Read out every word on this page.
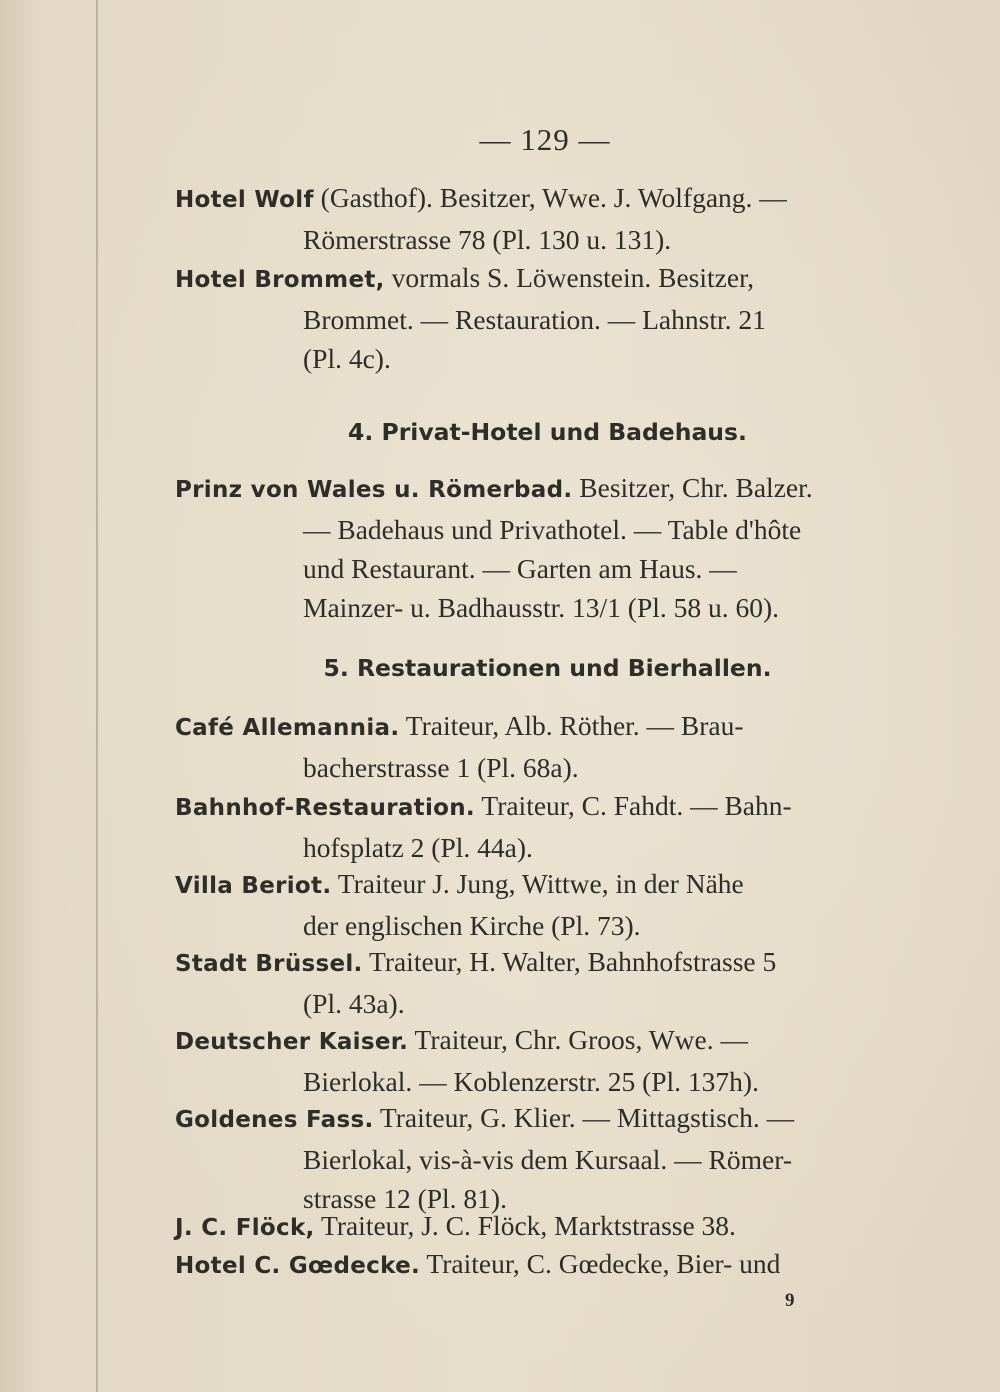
— 129 —
Hotel Wolf (Gasthof). Besitzer, Wwe. J. Wolfgang. —
Römerstrasse 78 (Pl. 130 u. 131).
Hotel Brommet, vormals S. Löwenstein. Besitzer,
Brommet. — Restauration. — Lahnstr. 21
(Pl. 4c).
4. Privat-Hotel und Badehaus.
Prinz von Wales u. Römerbad. Besitzer, Chr. Balzer.
— Badehaus und Privathotel. — Table d'hôte
und Restaurant. — Garten am Haus. —
Mainzer- u. Badhausstr. 13/1 (Pl. 58 u. 60).
5. Restaurationen und Bierhallen.
Café Allemannia. Traiteur, Alb. Röther. — Brau-
bacherstrasse 1 (Pl. 68a).
Bahnhof-Restauration. Traiteur, C. Fahdt. — Bahn-
hofsplatz 2 (Pl. 44a).
Villa Beriot. Traiteur J. Jung, Wittwe, in der Nähe
der englischen Kirche (Pl. 73).
Stadt Brüssel. Traiteur, H. Walter, Bahnhofstrasse 5
(Pl. 43a).
Deutscher Kaiser. Traiteur, Chr. Groos, Wwe. —
Bierlokal. — Koblenzerstr. 25 (Pl. 137h).
Goldenes Fass. Traiteur, G. Klier. — Mittagstisch. —
Bierlokal, vis-à-vis dem Kursaal. — Römer-
strasse 12 (Pl. 81).
J. C. Flöck, Traiteur, J. C. Flöck, Marktstrasse 38.
Hotel C. Gœdecke. Traiteur, C. Gœdecke, Bier- und
9
